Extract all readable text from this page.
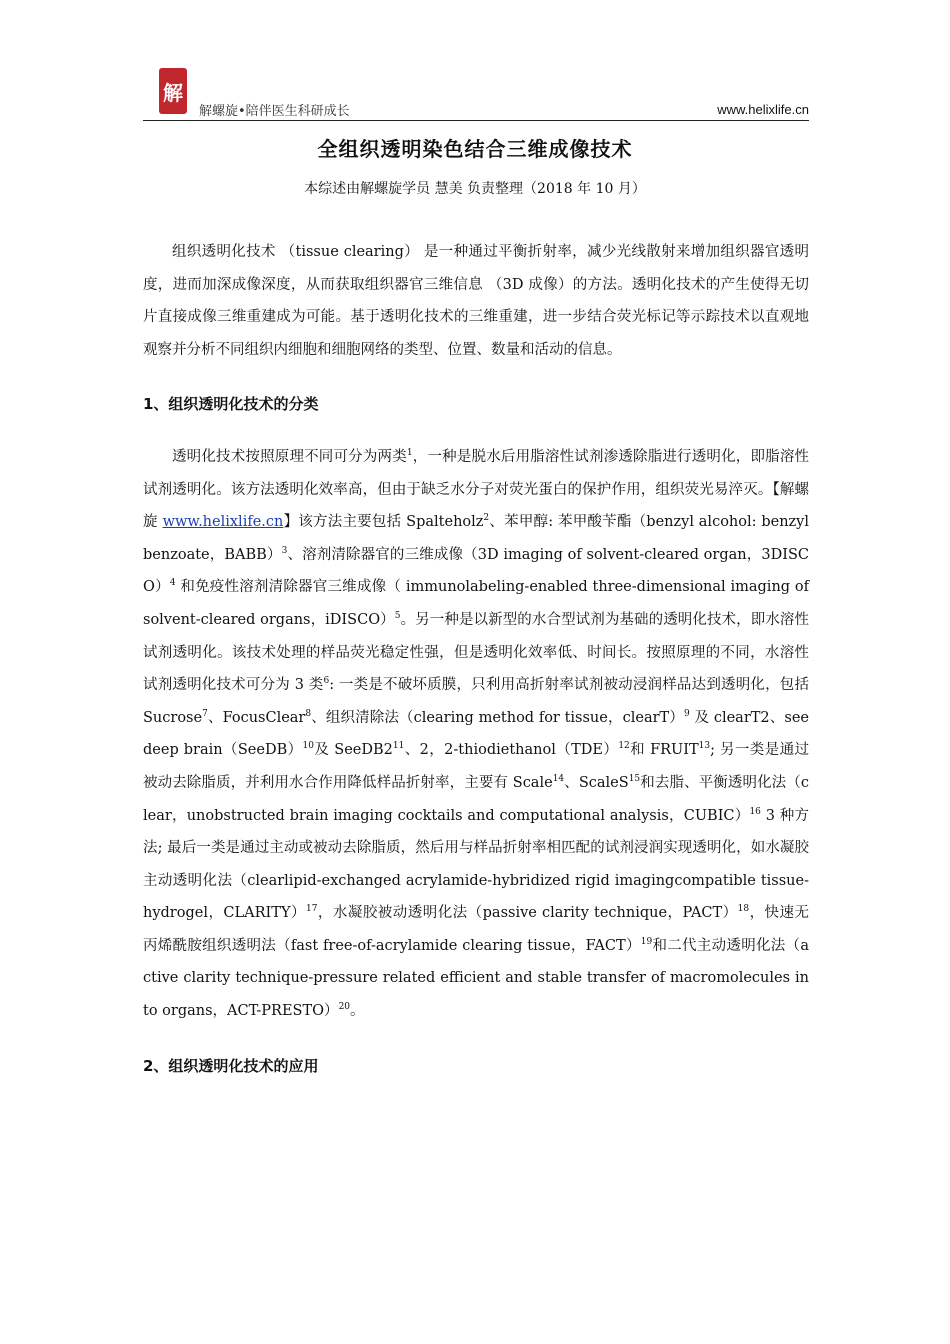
解
解螺旋•陪伴医生科研成长	www.helixlife.cn
全组织透明染色结合三维成像技术
本综述由解螺旋学员 慧美 负责整理（2018 年 10 月）

组织透明化技术 （tissue clearing） 是一种通过平衡折射率，减少光线散射来增加组织器官透明度，进而加深成像深度，从而获取组织器官三维信息 （3D 成像）的方法。透明化技术的产生使得无切片直接成像三维重建成为可能。基于透明化技术的三维重建，进一步结合荧光标记等示踪技术以直观地观察并分析不同组织内细胞和细胞网络的类型、位置、数量和活动的信息。

1、组织透明化技术的分类

透明化技术按照原理不同可分为两类$^1$，一种是脱水后用脂溶性试剂渗透除脂进行透明化，即脂溶性试剂透明化。该方法透明化效率高，但由于缺乏水分子对荧光蛋白的保护作用，组织荧光易淬灭。【解螺旋 www.helixlife.cn】该方法主要包括 Spalteholz$^2$、苯甲醇: 苯甲酸苄酯（benzyl alcohol: benzyl benzoate，BABB）$^3$、溶剂清除器官的三维成像（3D imaging of solvent-cleared organ，3DISCO）$^4$ 和免疫性溶剂清除器官三维成像（ immunolabeling-enabled three-dimensional imaging of solvent-cleared organs，iDISCO）$^5$。另一种是以新型的水合型试剂为基础的透明化技术，即水溶性试剂透明化。该技术处理的样品荧光稳定性强，但是透明化效率低、时间长。按照原理的不同，水溶性试剂透明化技术可分为 3 类$^6$: 一类是不破坏质膜，只利用高折射率试剂被动浸润样品达到透明化，包括 Sucrose$^7$、FocusClear$^8$、组织清除法（clearing method for tissue，clearT）$^9$ 及 clearT2、see deep brain（SeeDB）$^{10}$及 $SeeDB2^{11}$、2，2-thiodiethanol（TDE）$^{12}$和 FRUIT$^{13}$; 另一类是通过被动去除脂质，并利用水合作用降低样品折射率，主要有 Scale$^{14}$、ScaleS$^{15}$和去脂、平衡透明化法（clear，unobstructed brain imaging cocktails and computational analysis，CUBIC）$^{16}$ 3 种方法; 最后一类是通过主动或被动去除脂质，然后用与样品折射率相匹配的试剂浸润实现透明化，如水凝胶主动透明化法（clearlipid-exchanged acrylamide-hybridized rigid imagingcompatible tissue-hydrogel，CLARITY）$^{17}$，水凝胶被动透明化法（passive clarity technique，PACT）$^{18}$，快速无丙烯酰胺组织透明法（fast free-of-acrylamide clearing tissue，FACT）$^{19}$和二代主动透明化法（active clarity technique-pressure related efficient and stable transfer of macromolecules into organs，ACT-PRESTO）$^{20}$。

2、组织透明化技术的应用
